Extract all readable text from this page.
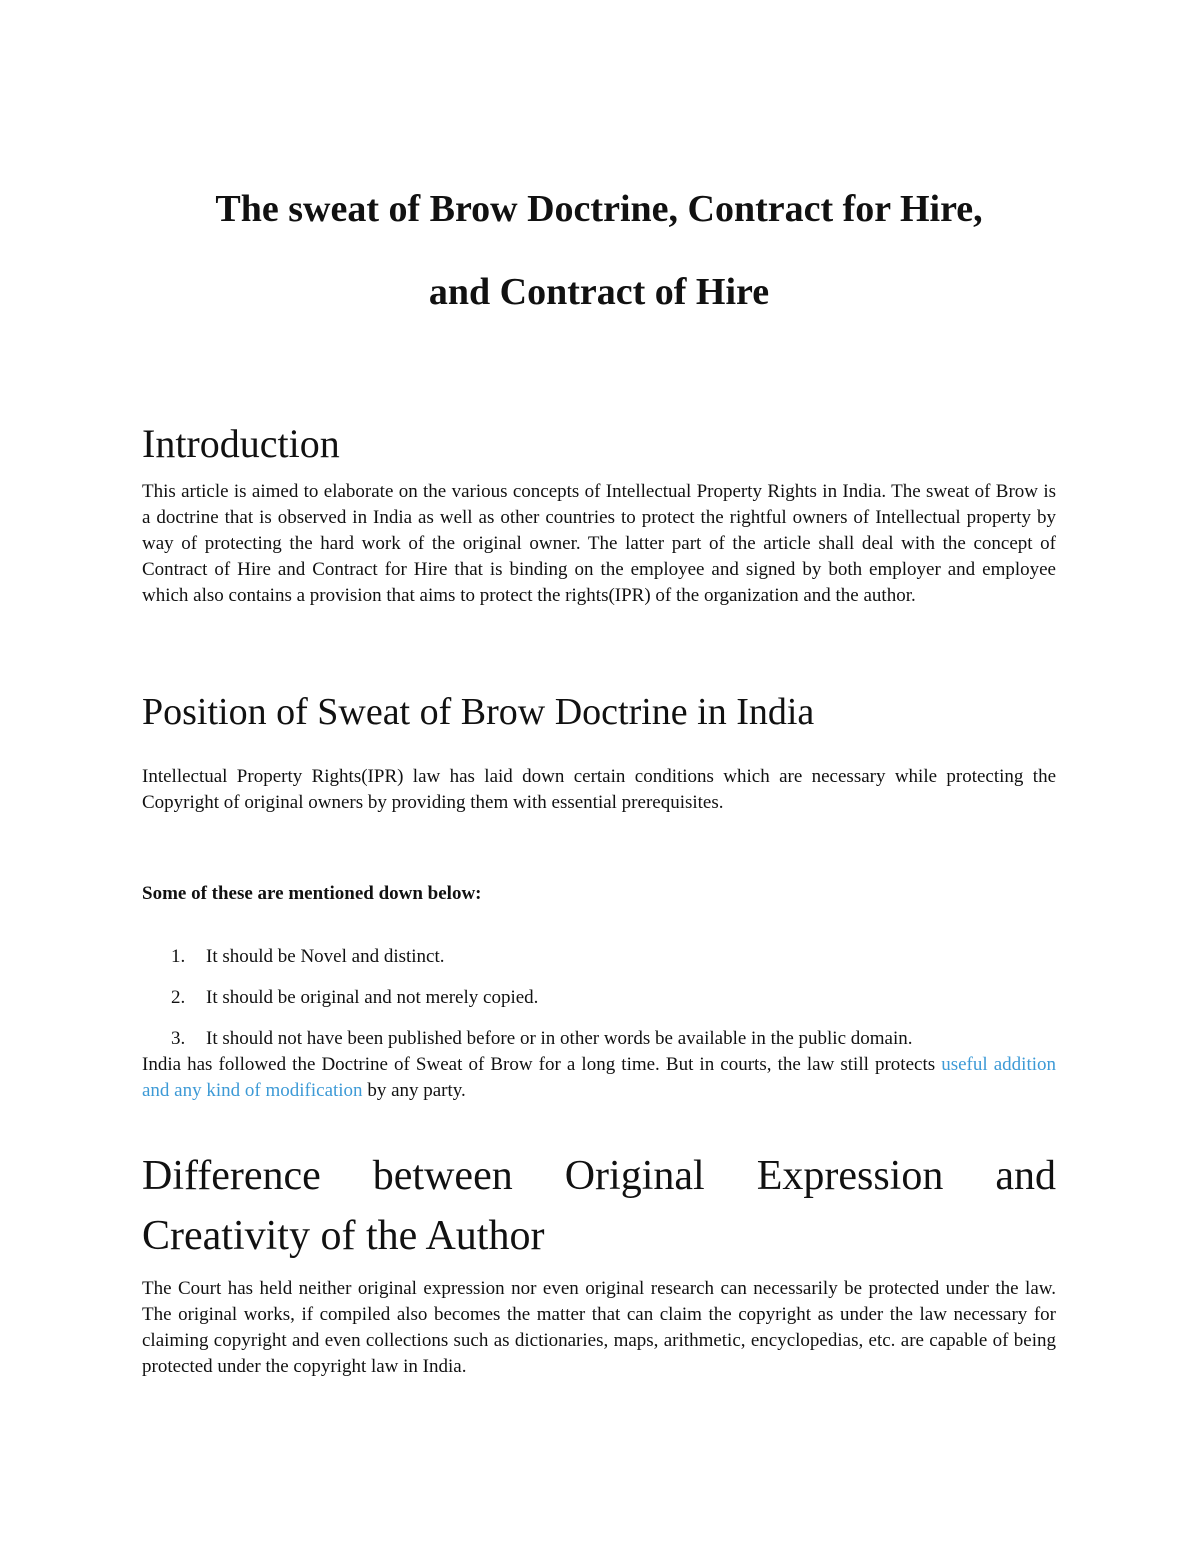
The sweat of Brow Doctrine, Contract for Hire,
and Contract of Hire
Introduction

This article is aimed to elaborate on the various concepts of Intellectual Property Rights in India. The sweat of Brow is a doctrine that is observed in India as well as other countries to protect the rightful owners of Intellectual property by way of protecting the hard work of the original owner. The latter part of the article shall deal with the concept of Contract of Hire and Contract for Hire that is binding on the employee and signed by both employer and employee which also contains a provision that aims to protect the rights(IPR) of the organization and the author.

Position of Sweat of Brow Doctrine in India

Intellectual Property Rights(IPR) law has laid down certain conditions which are necessary while protecting the Copyright of original owners by providing them with essential prerequisites.

Some of these are mentioned down below:

1. It should be Novel and distinct.
2. It should be original and not merely copied.
3. It should not have been published before or in other words be available in the public domain.

India has followed the Doctrine of Sweat of Brow for a long time. But in courts, the law still protects useful addition and any kind of modification by any party.

Difference between Original Expression and
Creativity of the Author

The Court has held neither original expression nor even original research can necessarily be protected under the law. The original works, if compiled also becomes the matter that can claim the copyright as under the law necessary for claiming copyright and even collections such as dictionaries, maps, arithmetic, encyclopedias, etc. are capable of being protected under the copyright law in India.
